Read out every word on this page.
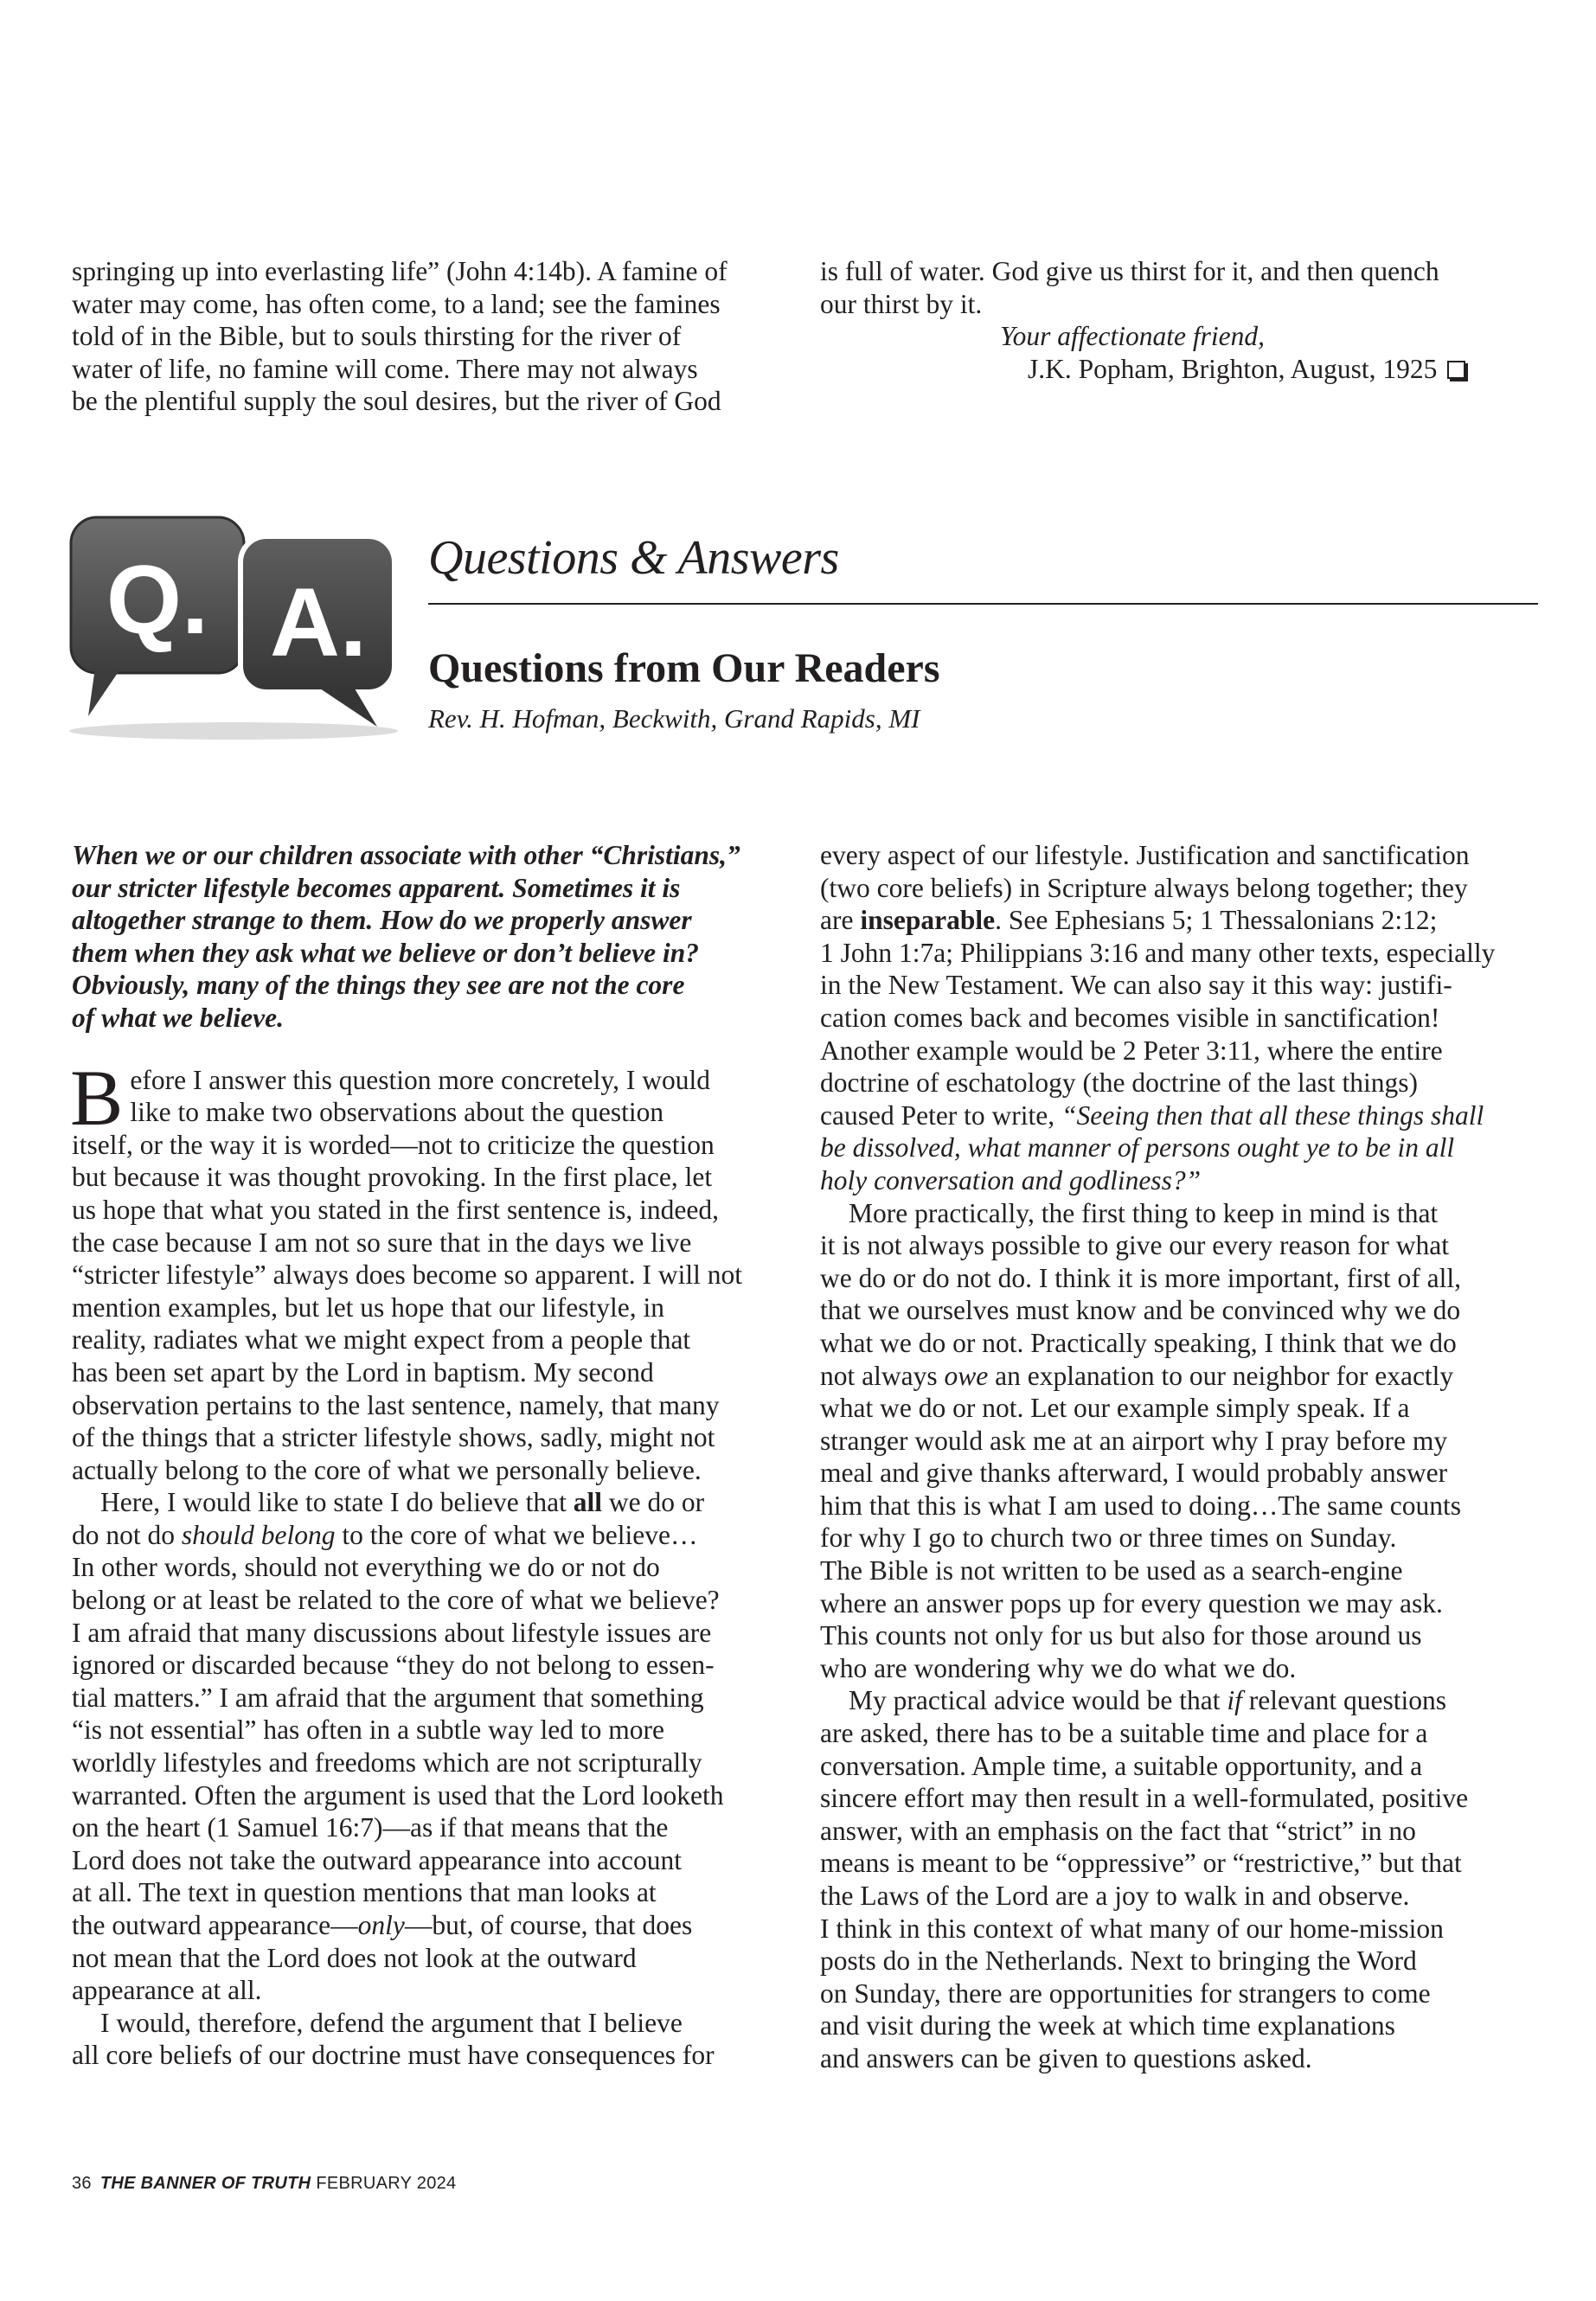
springing up into everlasting life” (John 4:14b). A famine of
water may come, has often come, to a land; see the famines
told of in the Bible, but to souls thirsting for the river of
water of life, no famine will come. There may not always
be the plentiful supply the soul desires, but the river of God
is full of water. God give us thirst for it, and then quench
our thirst by it.
Your affectionate friend,
J.K. Popham, Brighton, August, 1925
Q. A.
Questions & Answers
Questions from Our Readers
Rev. H. Hofman, Beckwith, Grand Rapids, MI
When we or our children associate with other “Christians,”
our stricter lifestyle becomes apparent. Sometimes it is
altogether strange to them. How do we properly answer
them when they ask what we believe or don’t believe in?
Obviously, many of the things they see are not the core
of what we believe.
B efore I answer this question more concretely, I would
like to make two observations about the question
itself, or the way it is worded—not to criticize the question
but because it was thought provoking. In the first place, let
us hope that what you stated in the first sentence is, indeed,
the case because I am not so sure that in the days we live
“stricter lifestyle” always does become so apparent. I will not
mention examples, but let us hope that our lifestyle, in
reality, radiates what we might expect from a people that
has been set apart by the Lord in baptism. My second
observation pertains to the last sentence, namely, that many
of the things that a stricter lifestyle shows, sadly, might not
actually belong to the core of what we personally believe.
Here, I would like to state I do believe that all we do or
do not do should belong to the core of what we believe…
In other words, should not everything we do or not do
belong or at least be related to the core of what we believe?
I am afraid that many discussions about lifestyle issues are
ignored or discarded because “they do not belong to essen-
tial matters.” I am afraid that the argument that something
“is not essential” has often in a subtle way led to more
worldly lifestyles and freedoms which are not scripturally
warranted. Often the argument is used that the Lord looketh
on the heart (1 Samuel 16:7)—as if that means that the
Lord does not take the outward appearance into account
at all. The text in question mentions that man looks at
the outward appearance—only—but, of course, that does
not mean that the Lord does not look at the outward
appearance at all.
I would, therefore, defend the argument that I believe
all core beliefs of our doctrine must have consequences for
every aspect of our lifestyle. Justification and sanctification
(two core beliefs) in Scripture always belong together; they
are inseparable. See Ephesians 5; 1 Thessalonians 2:12;
1 John 1:7a; Philippians 3:16 and many other texts, especially
in the New Testament. We can also say it this way: justifi-
cation comes back and becomes visible in sanctification!
Another example would be 2 Peter 3:11, where the entire
doctrine of eschatology (the doctrine of the last things)
caused Peter to write, “Seeing then that all these things shall
be dissolved, what manner of persons ought ye to be in all
holy conversation and godliness?”
More practically, the first thing to keep in mind is that
it is not always possible to give our every reason for what
we do or do not do. I think it is more important, first of all,
that we ourselves must know and be convinced why we do
what we do or not. Practically speaking, I think that we do
not always owe an explanation to our neighbor for exactly
what we do or not. Let our example simply speak. If a
stranger would ask me at an airport why I pray before my
meal and give thanks afterward, I would probably answer
him that this is what I am used to doing…The same counts
for why I go to church two or three times on Sunday.
The Bible is not written to be used as a search-engine
where an answer pops up for every question we may ask.
This counts not only for us but also for those around us
who are wondering why we do what we do.
My practical advice would be that if relevant questions
are asked, there has to be a suitable time and place for a
conversation. Ample time, a suitable opportunity, and a
sincere effort may then result in a well-formulated, positive
answer, with an emphasis on the fact that “strict” in no
means is meant to be “oppressive” or “restrictive,” but that
the Laws of the Lord are a joy to walk in and observe.
I think in this context of what many of our home-mission
posts do in the Netherlands. Next to bringing the Word
on Sunday, there are opportunities for strangers to come
and visit during the week at which time explanations
and answers can be given to questions asked.
36 THE BANNER OF TRUTH FEBRUARY 2024
